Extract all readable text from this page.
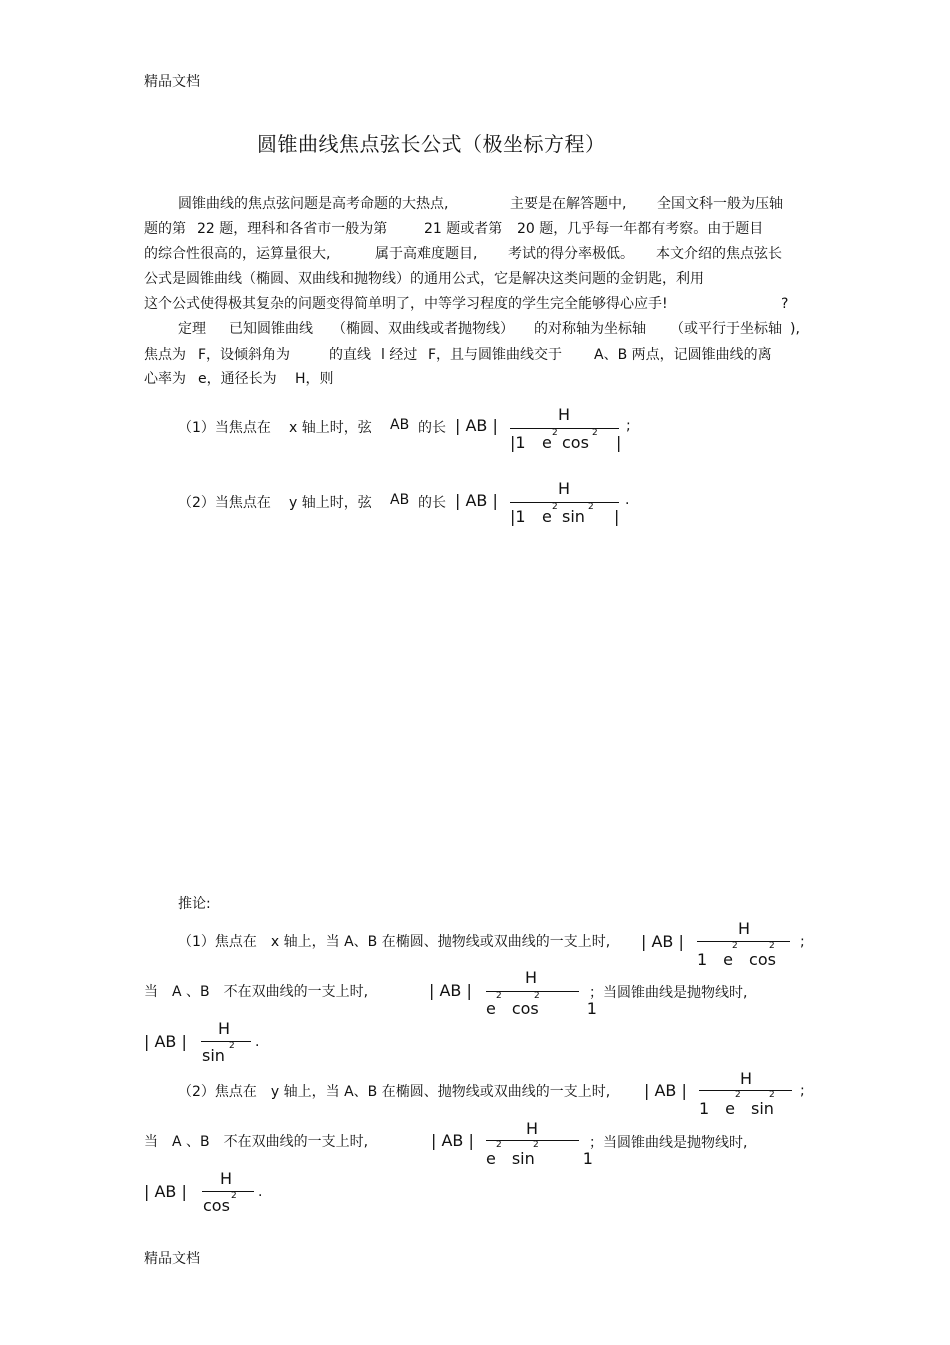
精品文档
圆锥曲线焦点弦长公式（极坐标方程）
圆锥曲线的焦点弦问题是高考命题的大热点,	主要是在解答题中, 全国文科一般为压轴
题的第 22 题，理科和各省市一般为第	21 题或者第 20 题，几乎每一年都有考察。由于题目
的综合性很高的，运算量很大,	属于高难度题目, 考试的得分率极低。 本文介绍的焦点弦长
公式是圆锥曲线（椭圆、双曲线和抛物线）的通用公式，它是解决这类问题的金钥匙，利用
这个公式使得极其复杂的问题变得简单明了，中等学习程度的学生完全能够得心应手!	?
定理 已知圆锥曲线 （椭圆、双曲线或者抛物线） 的对称轴为坐标轴 （或平行于坐标轴 ),
焦点为 F，设倾斜角为	的直线 l 经过 F，且与圆锥曲线交于 A、B 两点，记圆锥曲线的离
心率为 e，通径长为 H，则
（1）当焦点在 x 轴上时，弦 AB 的长 | AB |
H
|1 e 2 cos 2 |
;
（2）当焦点在 y 轴上时，弦 AB 的长 | AB |
H
|1 e 2 sin 2 |
.
推论:
（1）焦点在　x 轴上，当 A、B 在椭圆、抛物线或双曲线的一支上时, | AB |
H
1　e　cos
2	2 ;
当　A 、B　不在双曲线的一支上时,	| AB |
H
e　cos　　　1
2	2	；当圆锥曲线是抛物线时,
| AB |
H
sin 2 .
（2）焦点在　y 轴上，当 A、B 在椭圆、抛物线或双曲线的一支上时, | AB |
H
1　e　sin
2	2 ;
当　A 、B　不在双曲线的一支上时,	| AB |
H
e　sin　　　1
2	2	；当圆锥曲线是抛物线时,
| AB |
H
cos 2 .
精品文档
